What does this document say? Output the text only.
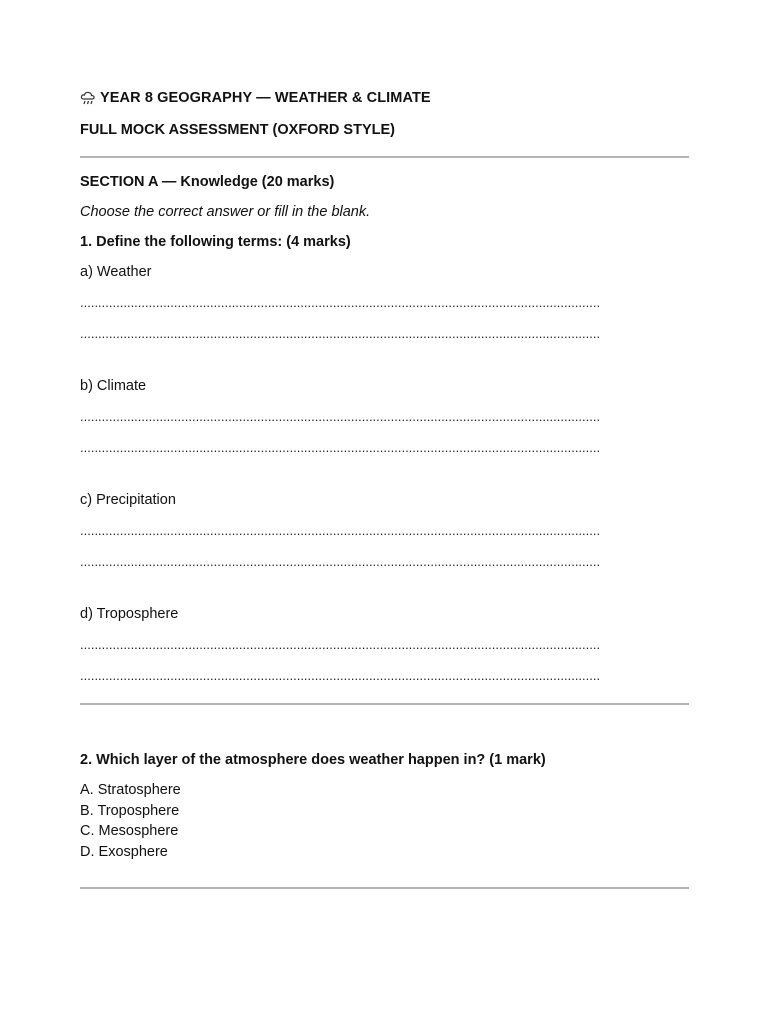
YEAR 8 GEOGRAPHY — WEATHER & CLIMATE
FULL MOCK ASSESSMENT (OXFORD STYLE)
SECTION A — Knowledge (20 marks)
Choose the correct answer or fill in the blank.
1. Define the following terms: (4 marks)
a) Weather
................................................................................................................................................
................................................................................................................................................
b) Climate
................................................................................................................................................
................................................................................................................................................
c) Precipitation
................................................................................................................................................
................................................................................................................................................
d) Troposphere
................................................................................................................................................
................................................................................................................................................
2. Which layer of the atmosphere does weather happen in? (1 mark)
A. Stratosphere
B. Troposphere
C. Mesosphere
D. Exosphere
